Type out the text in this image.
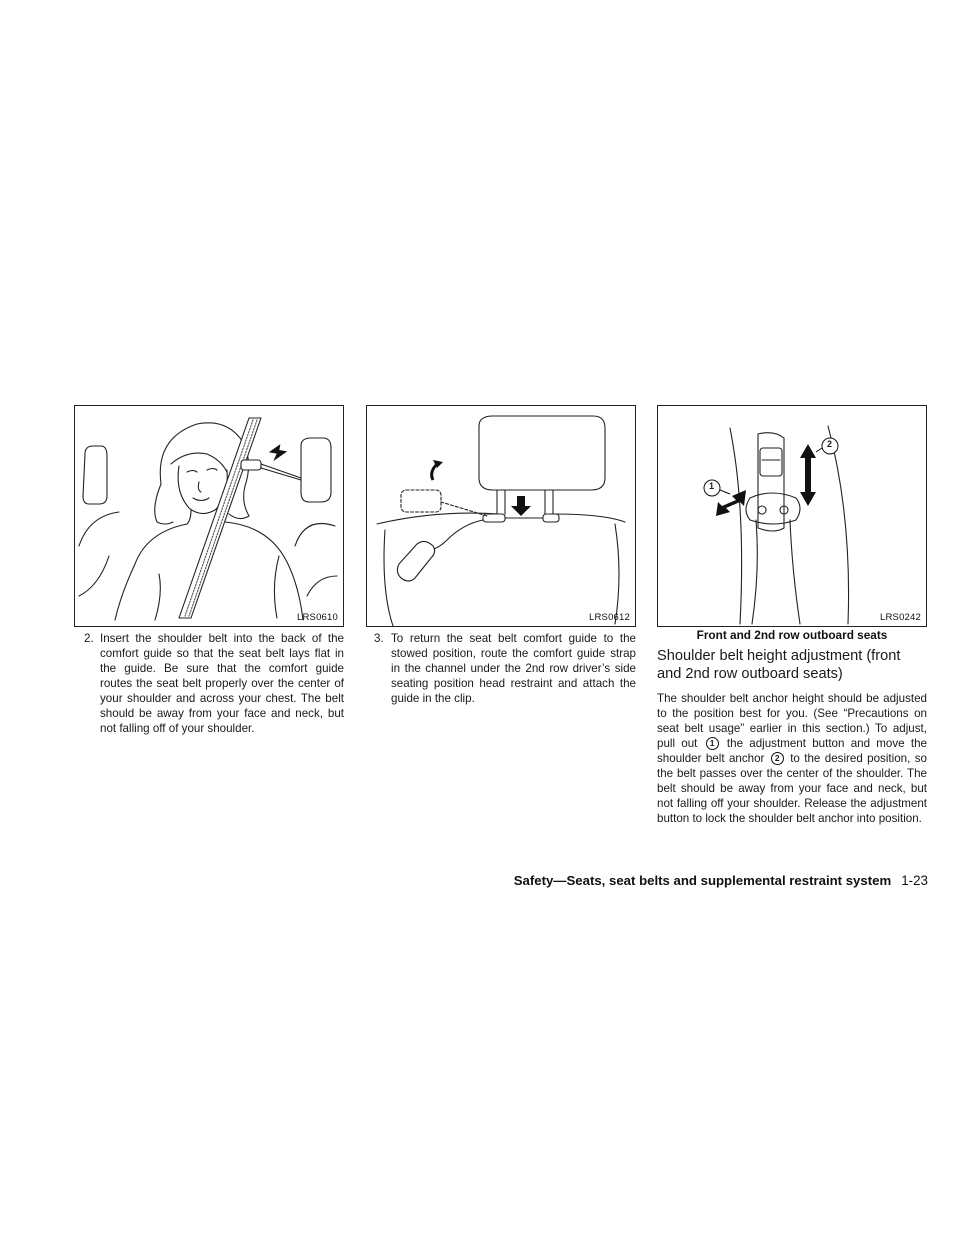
LRS0610	LRS0612
1
2
LRS0242
2. Insert the shoulder belt into the back of the comfort guide so that the seat belt lays flat in the guide. Be sure that the comfort guide routes the seat belt properly over the center of your shoulder and across your chest. The belt should be away from your face and neck, but not falling off of your shoulder.
3. To return the seat belt comfort guide to the stowed position, route the comfort guide strap in the channel under the 2nd row driver’s side seating position head restraint and attach the guide in the clip.
Front and 2nd row outboard seats
Shoulder belt height adjustment (front and 2nd row outboard seats)
The shoulder belt anchor height should be adjusted to the position best for you. (See “Precautions on seat belt usage” earlier in this section.) To adjust, pull out 1 the adjustment button and move the shoulder belt anchor 2 to the desired position, so the belt passes over the center of the shoulder. The belt should be away from your face and neck, but not falling off your shoulder. Release the adjustment button to lock the shoulder belt anchor into position.
Safety—Seats, seat belts and supplemental restraint system 1-23
